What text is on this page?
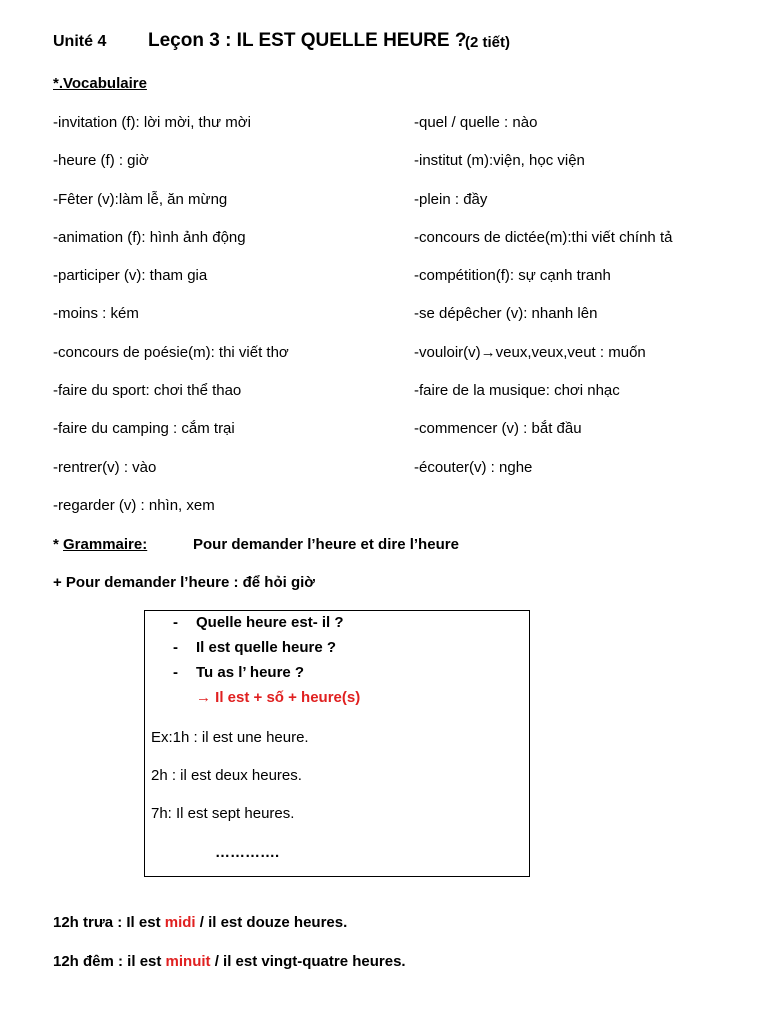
Unité 4 Leçon 3 : IL EST QUELLE HEURE ?
(2 tiết)
*.Vocabulaire
-invitation (f): lời mời, thư mời
-heure (f) : giờ
-Fêter (v):làm lễ, ăn mừng
-animation (f): hình ảnh động
-participer (v): tham gia
-moins : kém
-concours de poésie(m): thi viết thơ
-faire du sport: chơi thể thao
-faire du camping : cắm trại
-rentrer(v) : vào
-regarder (v) : nhìn, xem
-quel / quelle : nào
-institut (m):viện, học viện
-plein : đầy
-concours de dictée(m):thi viết chính tả
-compétition(f): sự cạnh tranh
-se dépêcher (v): nhanh lên
-vouloir(v)→veux,veux,veut : muốn
-faire de la musique: chơi nhạc
-commencer (v) : bắt đầu
-écouter(v) : nghe
* Grammaire:	Pour demander l’heure et dire l’heure
+ Pour demander l’heure : để hỏi giờ
- Quelle heure est- il ?
- Il est quelle heure ?
- Tu as l’ heure ?
→ Il est + số + heure(s)
Ex:1h : il est une heure.
2h : il est deux heures.
7h: Il est sept heures.
………….
12h trưa : Il est midi / il est douze heures.
12h đêm : il est minuit / il est vingt-quatre heures.
